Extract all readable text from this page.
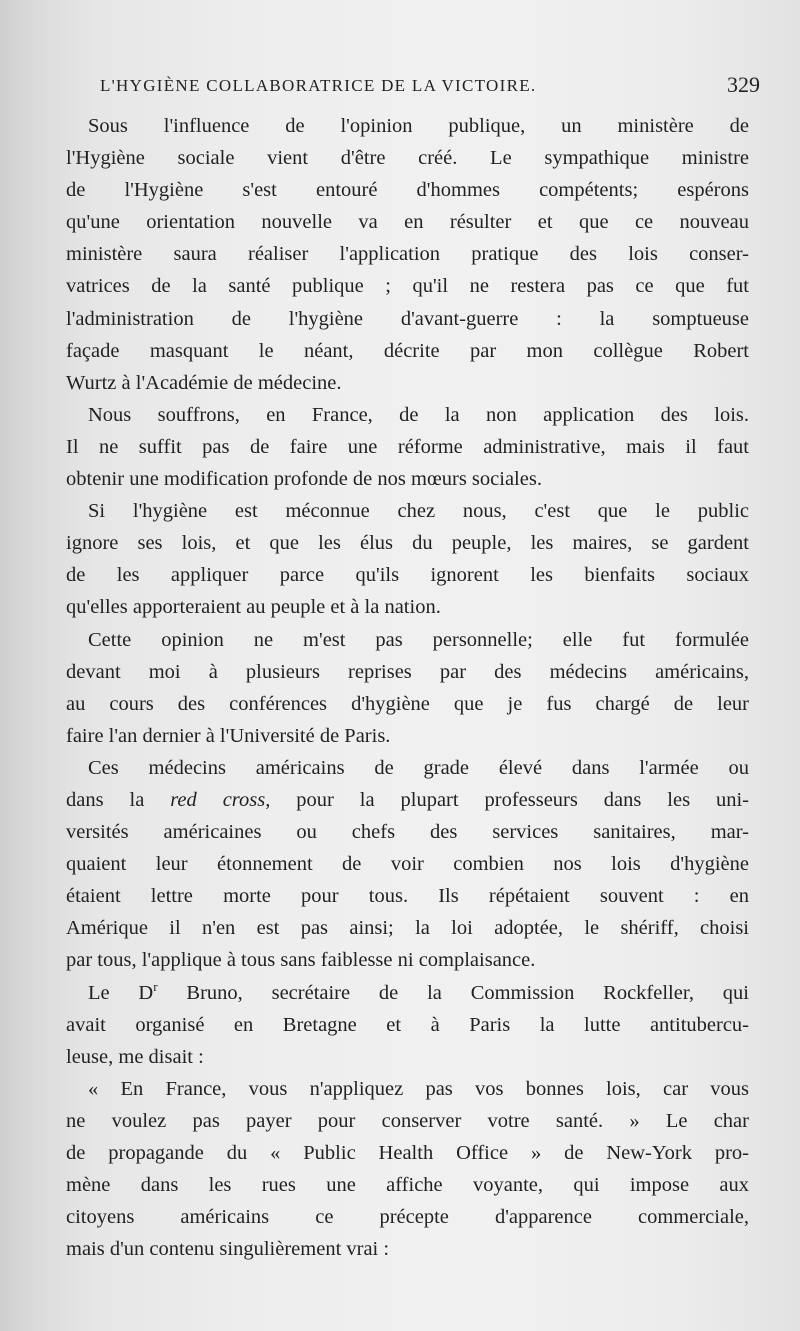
L'HYGIÈNE COLLABORATRICE DE LA VICTOIRE.	329
Sous l'influence de l'opinion publique, un ministère de
l'Hygiène sociale vient d'être créé. Le sympathique ministre
de l'Hygiène s'est entouré d'hommes compétents; espérons
qu'une orientation nouvelle va en résulter et que ce nouveau
ministère saura réaliser l'application pratique des lois conser-
vatrices de la santé publique ; qu'il ne restera pas ce que fut
l'administration de l'hygiène d'avant-guerre : la somptueuse
façade masquant le néant, décrite par mon collègue Robert
Wurtz à l'Académie de médecine.
Nous souffrons, en France, de la non application des lois.
Il ne suffit pas de faire une réforme administrative, mais il faut
obtenir une modification profonde de nos mœurs sociales.
Si l'hygiène est méconnue chez nous, c'est que le public
ignore ses lois, et que les élus du peuple, les maires, se gardent
de les appliquer parce qu'ils ignorent les bienfaits sociaux
qu'elles apporteraient au peuple et à la nation.
Cette opinion ne m'est pas personnelle; elle fut formulée
devant moi à plusieurs reprises par des médecins américains,
au cours des conférences d'hygiène que je fus chargé de leur
faire l'an dernier à l'Université de Paris.
Ces médecins américains de grade élevé dans l'armée ou
dans la red cross, pour la plupart professeurs dans les uni-
versités américaines ou chefs des services sanitaires, mar-
quaient leur étonnement de voir combien nos lois d'hygiène
étaient lettre morte pour tous. Ils répétaient souvent : en
Amérique il n'en est pas ainsi; la loi adoptée, le shériff, choisi
par tous, l'applique à tous sans faiblesse ni complaisance.
Le $D^r$ Bruno, secrétaire de la Commission Rockfeller, qui
avait organisé en Bretagne et à Paris la lutte antitubercu-
leuse, me disait :
« En France, vous n'appliquez pas vos bonnes lois, car vous
ne voulez pas payer pour conserver votre santé. » Le char
de propagande du « Public Health Office » de New-York pro-
mène dans les rues une affiche voyante, qui impose aux
citoyens américains ce précepte d'apparence commerciale,
mais d'un contenu singulièrement vrai :
